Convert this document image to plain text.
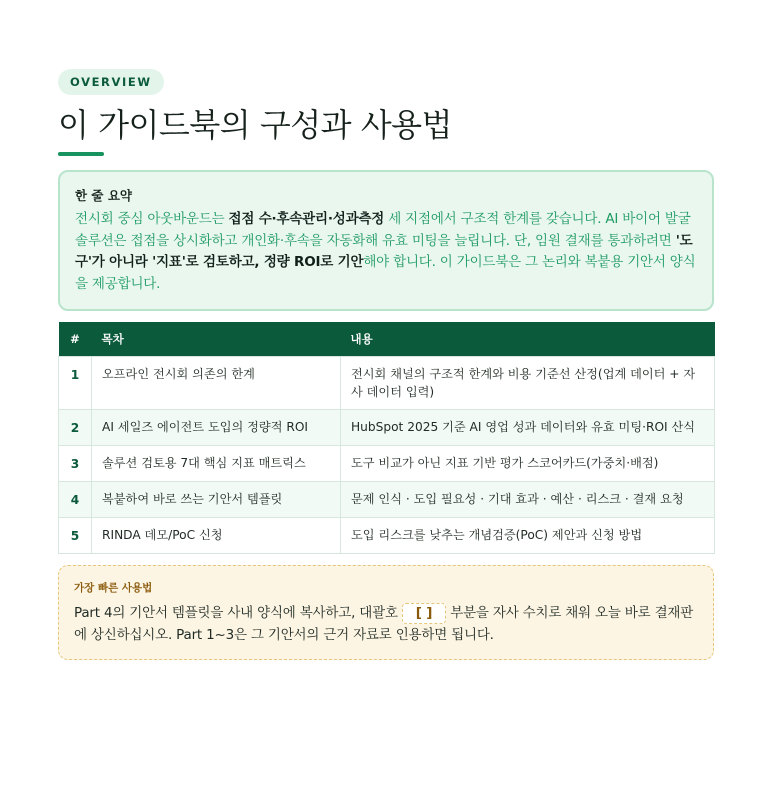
OVERVIEW
이 가이드북의 구성과 사용법
한 줄 요약

전시회 중심 아웃바운드는 접점 수·후속관리·성과측정 세 지점에서 구조적 한계를 갖습니다. AI 바이어 발굴 솔루션은 접점을 상시화하고 개인화·후속을 자동화해 유효 미팅을 늘립니다. 단, 임원 결재를 통과하려면 '도구'가 아니라 '지표'로 검토하고, 정량 ROI로 기안해야 합니다. 이 가이드북은 그 논리와 복붙용 기안서 양식을 제공합니다.

#	목차	내용
1	오프라인 전시회 의존의 한계	전시회 채널의 구조적 한계와 비용 기준선 산정(업계 데이터 + 자사 데이터 입력)
2	AI 세일즈 에이전트 도입의 정량적 ROI	HubSpot 2025 기준 AI 영업 성과 데이터와 유효 미팅·ROI 산식
3	솔루션 검토용 7대 핵심 지표 매트릭스	도구 비교가 아닌 지표 기반 평가 스코어카드(가중치·배점)
4	복붙하여 바로 쓰는 기안서 템플릿	문제 인식 · 도입 필요성 · 기대 효과 · 예산 · 리스크 · 결재 요청
5	RINDA 데모/PoC 신청	도입 리스크를 낮추는 개념검증(PoC) 제안과 신청 방법
가장 빠른 사용법

Part 4의 기안서 템플릿을 사내 양식에 복사하고, 대괄호 [ ] 부분을 자사 수치로 채워 오늘 바로 결재판에 상신하십시오. Part 1~3은 그 기안서의 근거 자료로 인용하면 됩니다.
